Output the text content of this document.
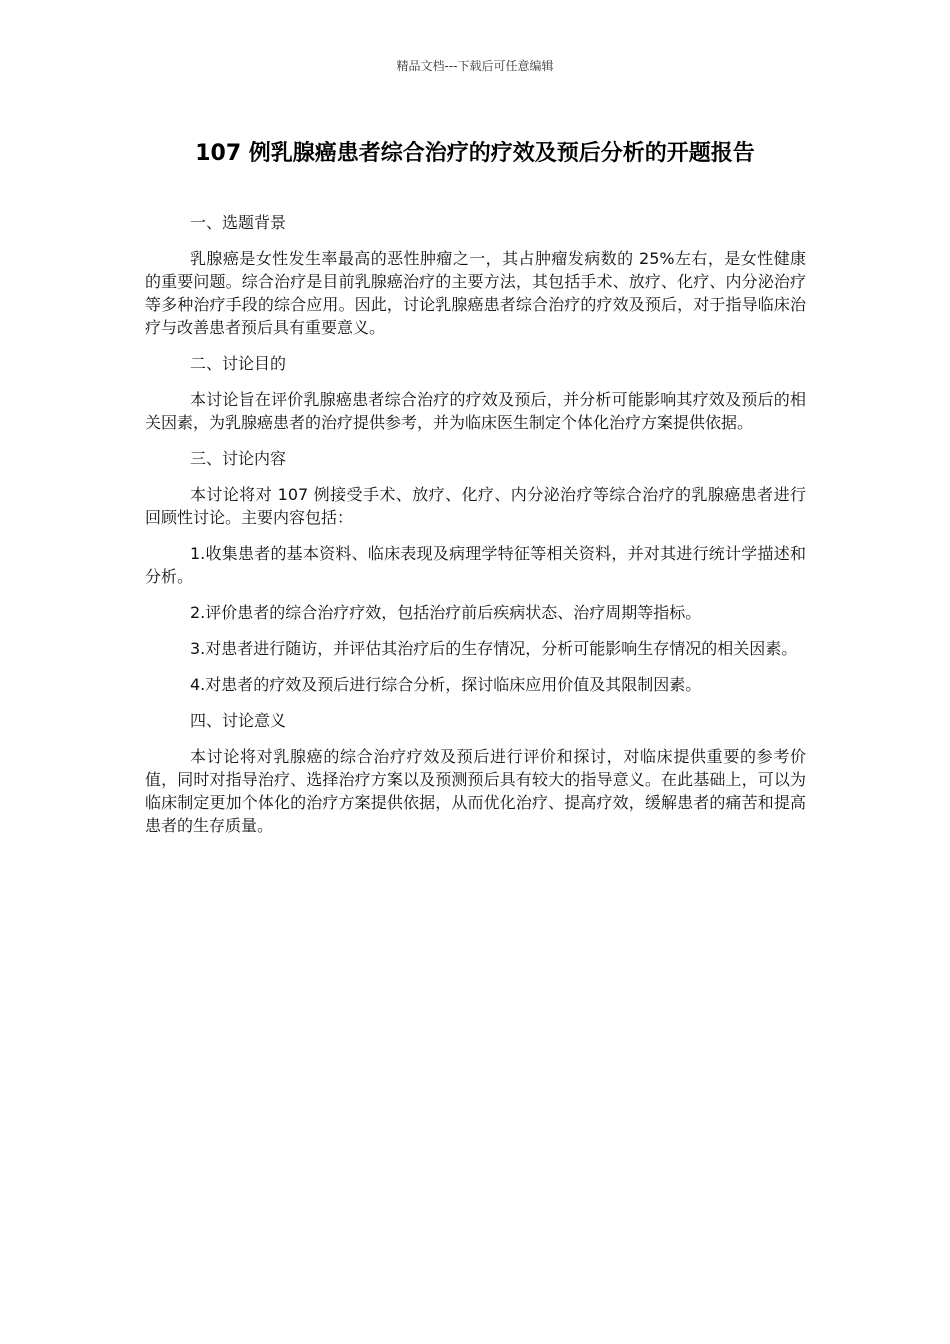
精品文档---下载后可任意编辑
107 例乳腺癌患者综合治疗的疗效及预后分析的开题报告

一、选题背景

乳腺癌是女性发生率最高的恶性肿瘤之一，其占肿瘤发病数的 25%左右，是女性健康的重要问题。综合治疗是目前乳腺癌治疗的主要方法，其包括手术、放疗、化疗、内分泌治疗等多种治疗手段的综合应用。因此，讨论乳腺癌患者综合治疗的疗效及预后，对于指导临床治疗与改善患者预后具有重要意义。

二、讨论目的

本讨论旨在评价乳腺癌患者综合治疗的疗效及预后，并分析可能影响其疗效及预后的相关因素，为乳腺癌患者的治疗提供参考，并为临床医生制定个体化治疗方案提供依据。

三、讨论内容

本讨论将对 107 例接受手术、放疗、化疗、内分泌治疗等综合治疗的乳腺癌患者进行回顾性讨论。主要内容包括：

1.收集患者的基本资料、临床表现及病理学特征等相关资料，并对其进行统计学描述和分析。

2.评价患者的综合治疗疗效，包括治疗前后疾病状态、治疗周期等指标。

3.对患者进行随访，并评估其治疗后的生存情况，分析可能影响生存情况的相关因素。

4.对患者的疗效及预后进行综合分析，探讨临床应用价值及其限制因素。

四、讨论意义

本讨论将对乳腺癌的综合治疗疗效及预后进行评价和探讨，对临床提供重要的参考价值，同时对指导治疗、选择治疗方案以及预测预后具有较大的指导意义。在此基础上，可以为临床制定更加个体化的治疗方案提供依据，从而优化治疗、提高疗效，缓解患者的痛苦和提高患者的生存质量。
